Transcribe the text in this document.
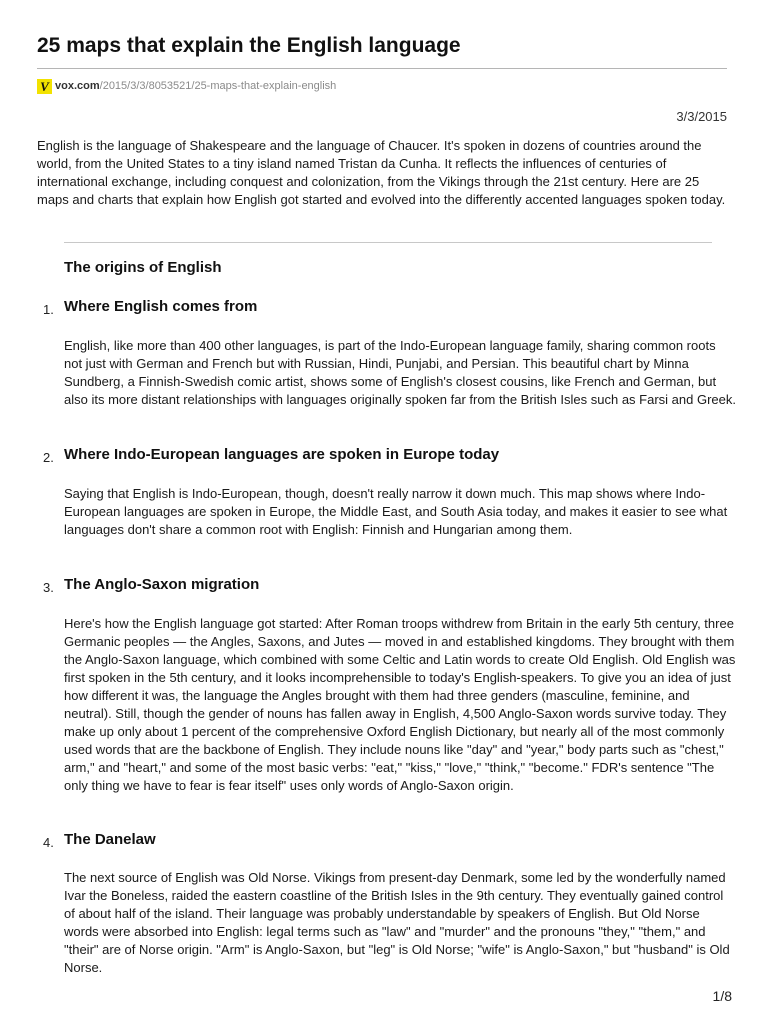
25 maps that explain the English language
V vox.com/2015/3/3/8053521/25-maps-that-explain-english
3/3/2015

English is the language of Shakespeare and the language of Chaucer. It's spoken in dozens of countries around the world, from the United States to a tiny island named Tristan da Cunha. It reflects the influences of centuries of international exchange, including conquest and colonization, from the Vikings through the 21st century. Here are 25 maps and charts that explain how English got started and evolved into the differently accented languages spoken today.

The origins of English
1. Where English comes from

English, like more than 400 other languages, is part of the Indo-European language family, sharing common roots not just with German and French but with Russian, Hindi, Punjabi, and Persian. This beautiful chart by Minna Sundberg, a Finnish-Swedish comic artist, shows some of English's closest cousins, like French and German, but also its more distant relationships with languages originally spoken far from the British Isles such as Farsi and Greek.

2. Where Indo-European languages are spoken in Europe today

Saying that English is Indo-European, though, doesn't really narrow it down much. This map shows where Indo-European languages are spoken in Europe, the Middle East, and South Asia today, and makes it easier to see what languages don't share a common root with English: Finnish and Hungarian among them.

3. The Anglo-Saxon migration

Here's how the English language got started: After Roman troops withdrew from Britain in the early 5th century, three Germanic peoples — the Angles, Saxons, and Jutes — moved in and established kingdoms. They brought with them the Anglo-Saxon language, which combined with some Celtic and Latin words to create Old English. Old English was first spoken in the 5th century, and it looks incomprehensible to today's English-speakers. To give you an idea of just how different it was, the language the Angles brought with them had three genders (masculine, feminine, and neutral). Still, though the gender of nouns has fallen away in English, 4,500 Anglo-Saxon words survive today. They make up only about 1 percent of the comprehensive Oxford English Dictionary, but nearly all of the most commonly used words that are the backbone of English. They include nouns like "day" and "year," body parts such as "chest," arm," and "heart," and some of the most basic verbs: "eat," "kiss," "love," "think," "become." FDR's sentence "The only thing we have to fear is fear itself" uses only words of Anglo-Saxon origin.

4. The Danelaw

The next source of English was Old Norse. Vikings from present-day Denmark, some led by the wonderfully named Ivar the Boneless, raided the eastern coastline of the British Isles in the 9th century. They eventually gained control of about half of the island. Their language was probably understandable by speakers of English. But Old Norse words were absorbed into English: legal terms such as "law" and "murder" and the pronouns "they," "them," and "their" are of Norse origin. "Arm" is Anglo-Saxon, but "leg" is Old Norse; "wife" is Anglo-Saxon," but "husband" is Old Norse.

1/8
